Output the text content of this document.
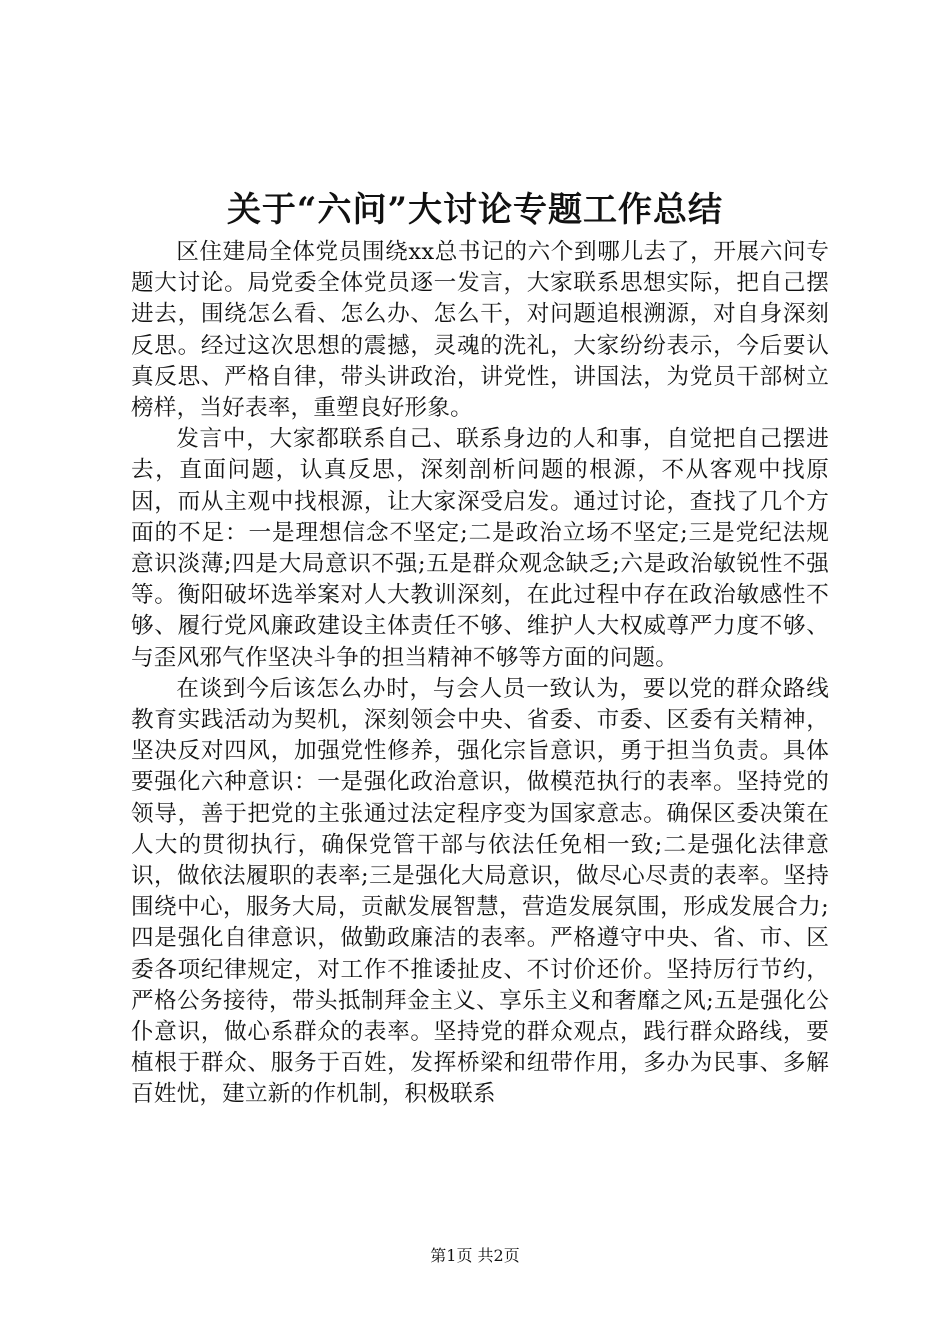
关于“六问”大讨论专题工作总结

区住建局全体党员围绕xx总书记的六个到哪儿去了，开展六问专题大讨论。局党委全体党员逐一发言，大家联系思想实际，把自己摆进去，围绕怎么看、怎么办、怎么干，对问题追根溯源，对自身深刻反思。经过这次思想的震撼，灵魂的洗礼，大家纷纷表示，今后要认真反思、严格自律，带头讲政治，讲党性，讲国法，为党员干部树立榜样，当好表率，重塑良好形象。

发言中，大家都联系自己、联系身边的人和事，自觉把自己摆进去，直面问题，认真反思，深刻剖析问题的根源，不从客观中找原因，而从主观中找根源，让大家深受启发。通过讨论，查找了几个方面的不足：一是理想信念不坚定;二是政治立场不坚定;三是党纪法规意识淡薄;四是大局意识不强;五是群众观念缺乏;六是政治敏锐性不强等。衡阳破坏选举案对人大教训深刻，在此过程中存在政治敏感性不够、履行党风廉政建设主体责任不够、维护人大权威尊严力度不够、与歪风邪气作坚决斗争的担当精神不够等方面的问题。

在谈到今后该怎么办时，与会人员一致认为，要以党的群众路线教育实践活动为契机，深刻领会中央、省委、市委、区委有关精神，坚决反对四风，加强党性修养，强化宗旨意识，勇于担当负责。具体要强化六种意识：一是强化政治意识，做模范执行的表率。坚持党的领导，善于把党的主张通过法定程序变为国家意志。确保区委决策在人大的贯彻执行，确保党管干部与依法任免相一致;二是强化法律意识，做依法履职的表率;三是强化大局意识，做尽心尽责的表率。坚持围绕中心，服务大局，贡献发展智慧，营造发展氛围，形成发展合力;四是强化自律意识，做勤政廉洁的表率。严格遵守中央、省、市、区委各项纪律规定，对工作不推诿扯皮、不讨价还价。坚持厉行节约，严格公务接待，带头抵制拜金主义、享乐主义和奢靡之风;五是强化公仆意识，做心系群众的表率。坚持党的群众观点，践行群众路线，要植根于群众、服务于百姓，发挥桥梁和纽带作用，多办为民事、多解百姓忧，建立新的作机制，积极联系

第1页 共2页
